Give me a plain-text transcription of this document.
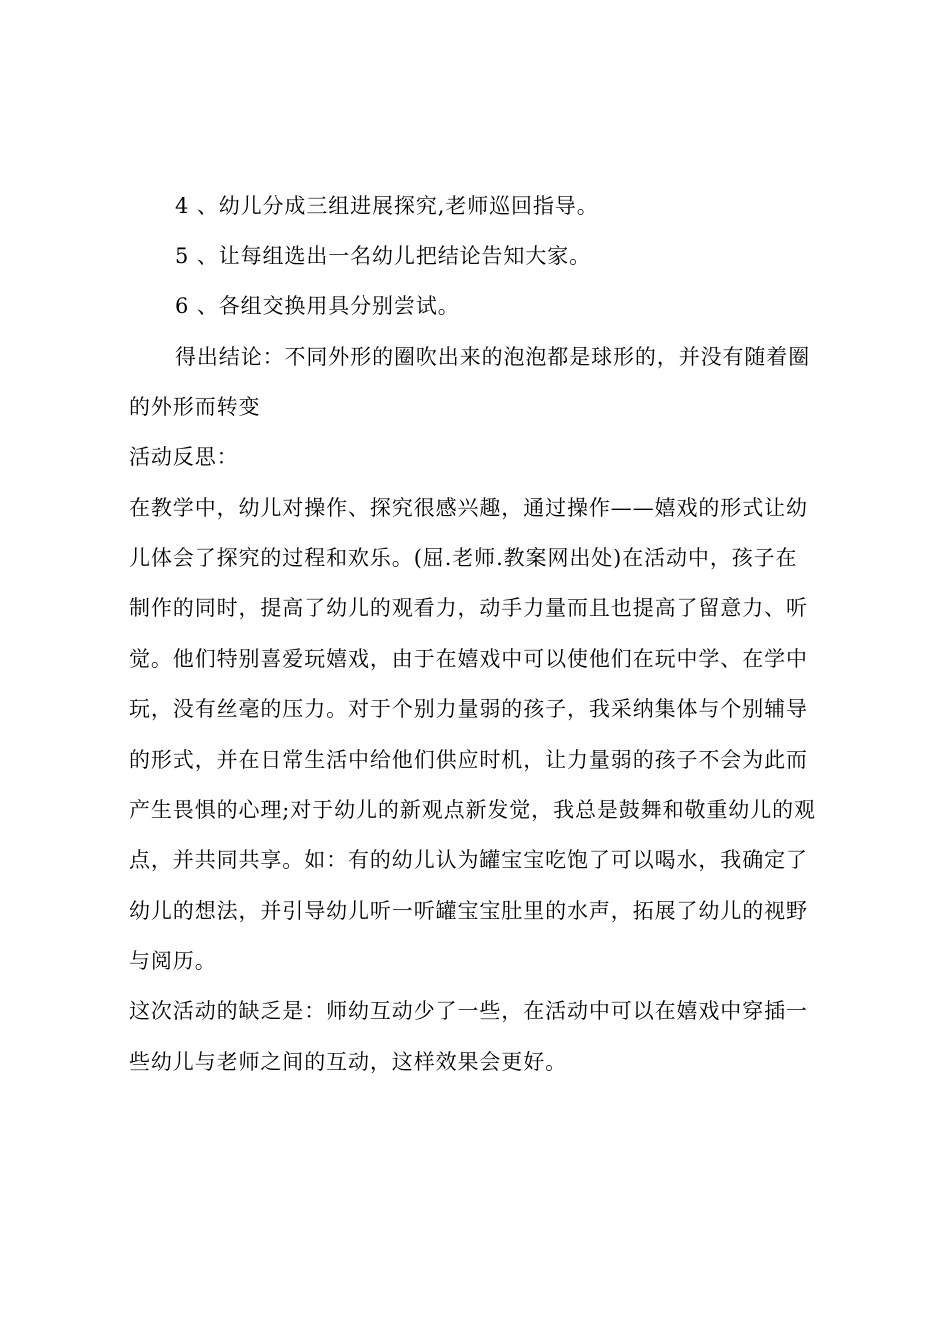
4 、幼儿分成三组进展探究,老师巡回指导。
5 、让每组选出一名幼儿把结论告知大家。
6 、各组交换用具分别尝试。
得出结论：不同外形的圈吹出来的泡泡都是球形的，并没有随着圈
的外形而转变
活动反思：
在教学中，幼儿对操作、探究很感兴趣，通过操作——嬉戏的形式让幼
儿体会了探究的过程和欢乐。(屈.老师.教案网出处)在活动中，孩子在
制作的同时，提高了幼儿的观看力，动手力量而且也提高了留意力、听
觉。他们特别喜爱玩嬉戏，由于在嬉戏中可以使他们在玩中学、在学中
玩，没有丝毫的压力。对于个别力量弱的孩子，我采纳集体与个别辅导
的形式，并在日常生活中给他们供应时机，让力量弱的孩子不会为此而
产生畏惧的心理;对于幼儿的新观点新发觉，我总是鼓舞和敬重幼儿的观
点，并共同共享。如：有的幼儿认为罐宝宝吃饱了可以喝水，我确定了
幼儿的想法，并引导幼儿听一听罐宝宝肚里的水声，拓展了幼儿的视野
与阅历。
这次活动的缺乏是：师幼互动少了一些，在活动中可以在嬉戏中穿插一
些幼儿与老师之间的互动，这样效果会更好。
